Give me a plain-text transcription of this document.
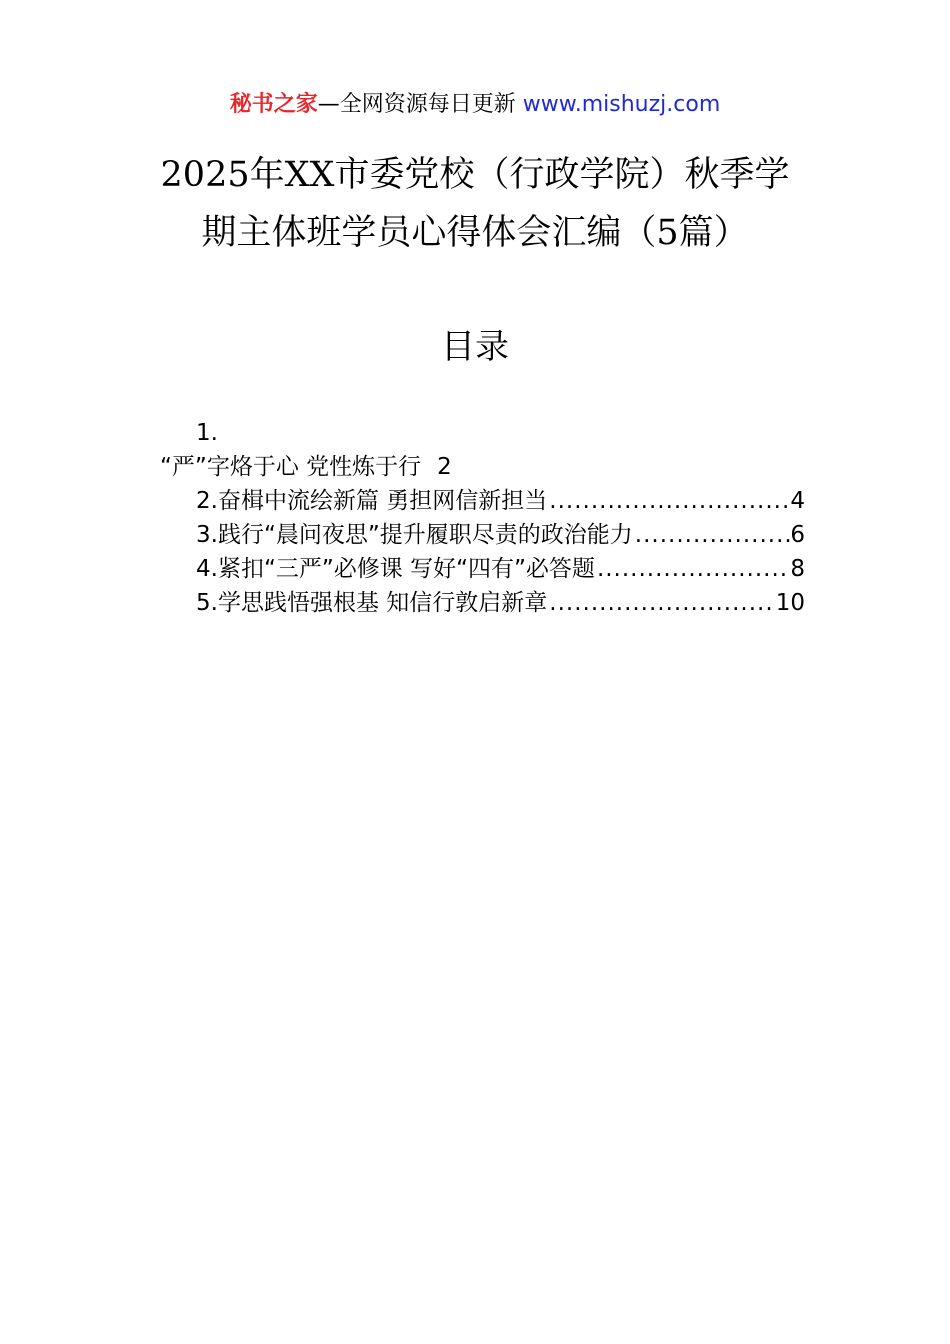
秘书之家—全网资源每日更新 www.mishuzj.com
2025年XX市委党校（行政学院）秋季学
期主体班学员心得体会汇编（5篇）
目录
1.
“严”字烙于心 党性炼于行 2
2. 奋楫中流绘新篇 勇担网信新担当 .....	4
3. 践行“晨问夜思”提升履职尽责的政治能力 .....	6
4. 紧扣“三严”必修课 写好“四有”必答题 .....	8
5. 学思践悟强根基 知信行敦启新章 .....	10
